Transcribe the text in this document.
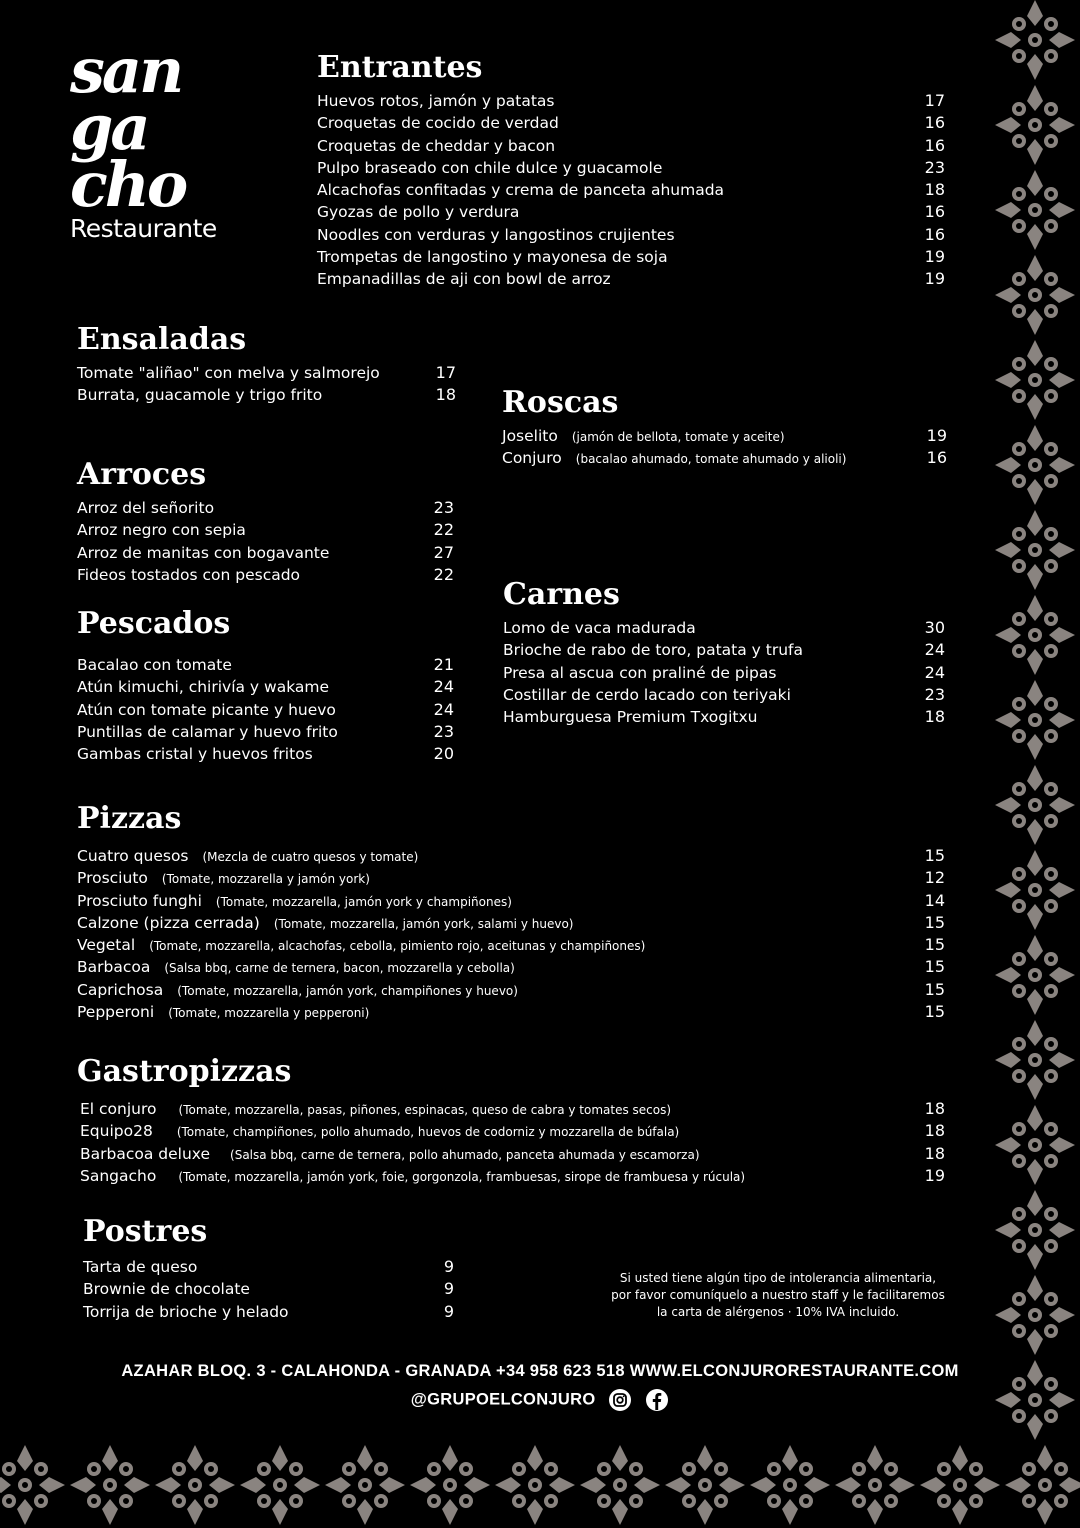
san
ga
cho
Restaurante
Entrantes
Huevos rotos, jamón y patatas	17
Croquetas de cocido de verdad	16
Croquetas de cheddar y bacon	16
Pulpo braseado con chile dulce y guacamole	23
Alcachofas confitadas y crema de panceta ahumada	18
Gyozas de pollo y verdura	16
Noodles con verduras y langostinos crujientes	16
Trompetas de langostino y mayonesa de soja	19
Empanadillas de aji con bowl de arroz	19
Ensaladas
Tomate "aliñao" con melva y salmorejo	17
Burrata, guacamole y trigo frito	18 Roscas
Joselito (jamón de bellota, tomate y aceite)	19
Conjuro (bacalao ahumado, tomate ahumado y alioli)	16
Arroces
Arroz del señorito	23
Arroz negro con sepia	22
Arroz de manitas con bogavante	27
Fideos tostados con pescado	22
Pescados
Bacalao con tomate	21
Atún kimuchi, chirivía y wakame	24
Atún con tomate picante y huevo	24
Puntillas de calamar y huevo frito	23
Gambas cristal y huevos fritos	20
Carnes
Lomo de vaca madurada	30
Brioche de rabo de toro, patata y trufa	24
Presa al ascua con praliné de pipas	24
Costillar de cerdo lacado con teriyaki	23
Hamburguesa Premium Txogitxu	18
Pizzas
Cuatro quesos (Mezcla de cuatro quesos y tomate)	15
Prosciuto (Tomate, mozzarella y jamón york)	12
Prosciuto funghi (Tomate, mozzarella, jamón york y champiñones)	14
Calzone (pizza cerrada) (Tomate, mozzarella, jamón york, salami y huevo)	15
Vegetal (Tomate, mozzarella, alcachofas, cebolla, pimiento rojo, aceitunas y champiñones)	15
Barbacoa (Salsa bbq, carne de ternera, bacon, mozzarella y cebolla)	15
Caprichosa (Tomate, mozzarella, jamón york, champiñones y huevo)	15
Pepperoni (Tomate, mozzarella y pepperoni)	15
Gastropizzas
El conjuro (Tomate, mozzarella, pasas, piñones, espinacas, queso de cabra y tomates secos)	18
Equipo28 (Tomate, champiñones, pollo ahumado, huevos de codorniz y mozzarella de búfala)	18
Barbacoa deluxe (Salsa bbq, carne de ternera, pollo ahumado, panceta ahumada y escamorza)	18
Sangacho (Tomate, mozzarella, jamón york, foie, gorgonzola, frambuesas, sirope de frambuesa y rúcula)	19
Postres
Tarta de queso	9
Brownie de chocolate	9
Torrija de brioche y helado	9
Si usted tiene algún tipo de intolerancia alimentaria,
por favor comuníquelo a nuestro staff y le facilitaremos
la carta de alérgenos · 10% IVA incluido.
AZAHAR BLOQ. 3 - CALAHONDA - GRANADA +34 958 623 518 WWW.ELCONJURORESTAURANTE.COM
@GRUPOELCONJURO
